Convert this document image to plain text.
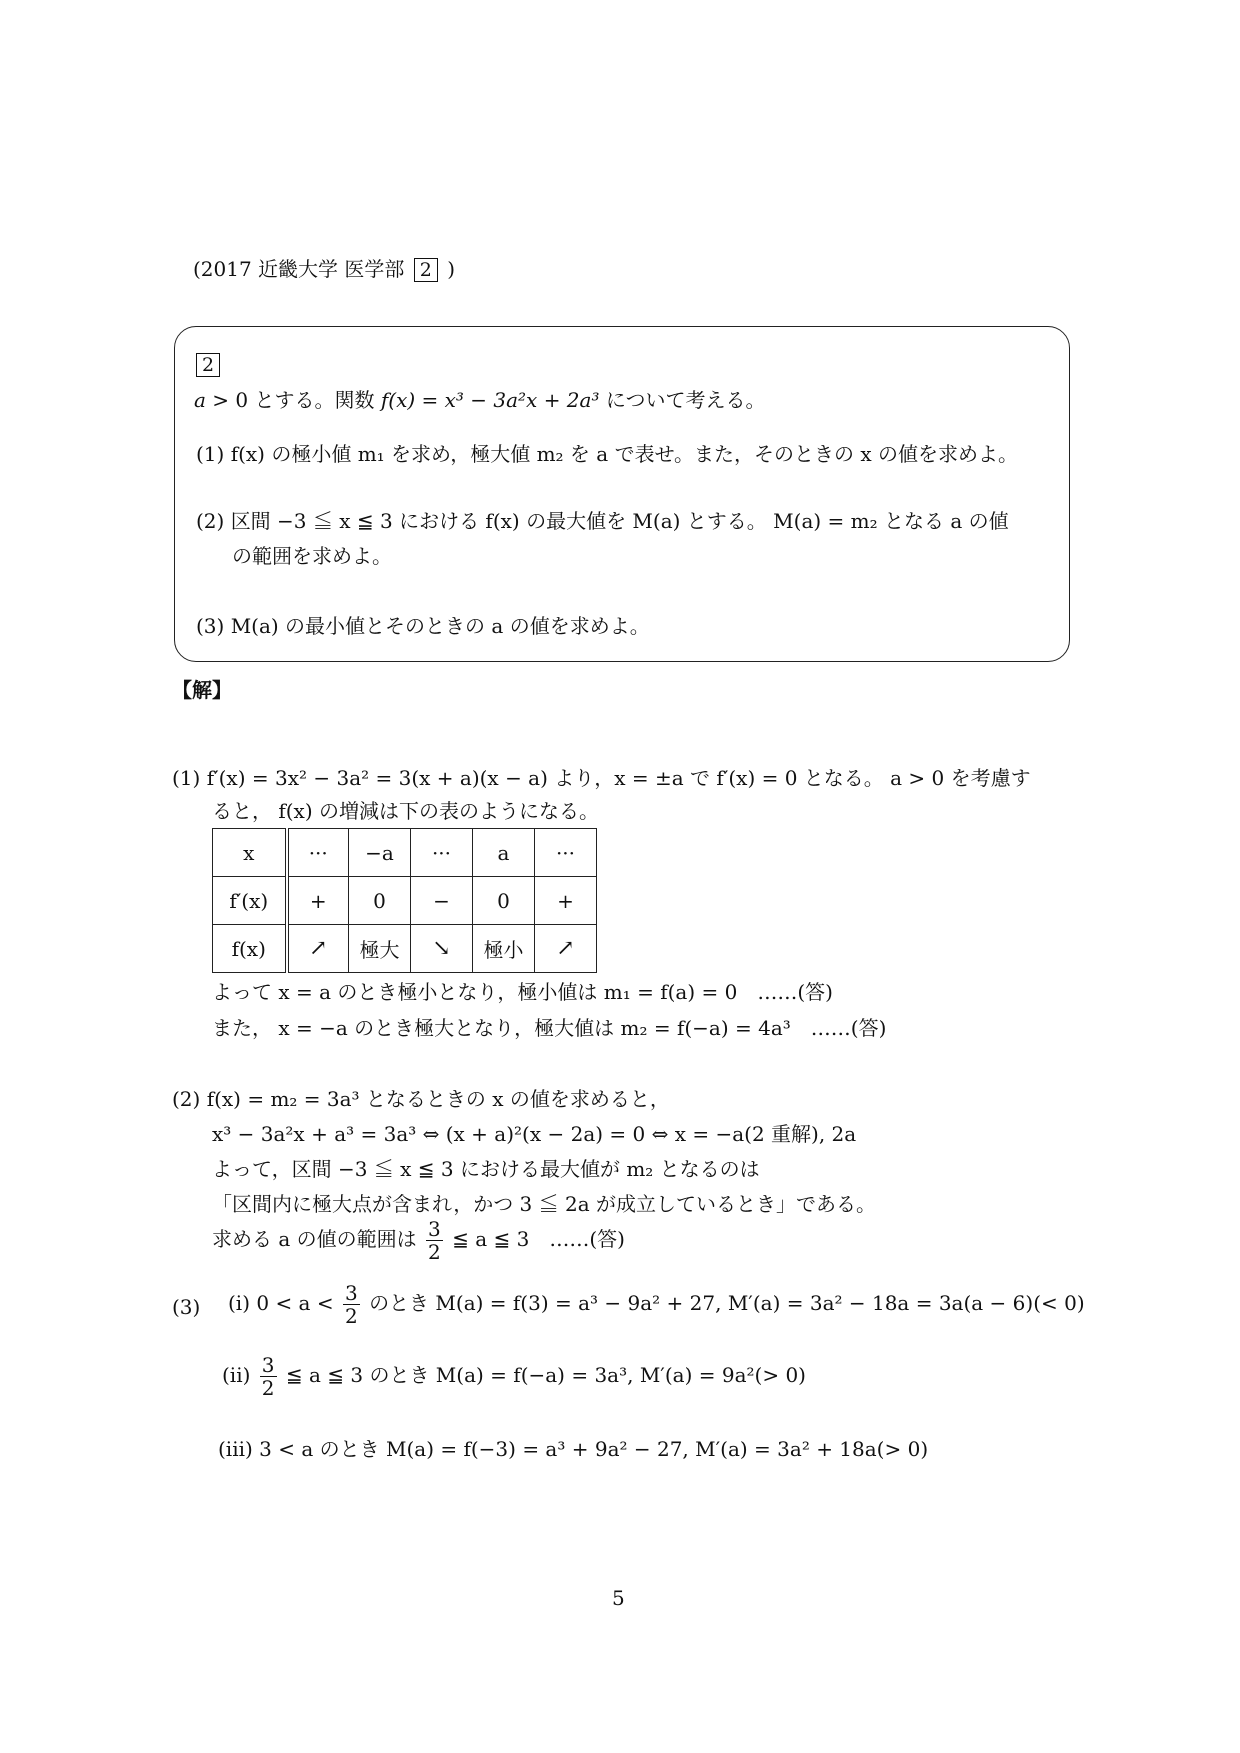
(2017 近畿大学 医学部 2 )
2
a > 0 とする。関数 f(x) = x³ − 3a²x + 2a³ について考える。
(1) f(x) の極小値 m₁ を求め，極大値 m₂ を a で表せ。また，そのときの x の値を求めよ。
(2) 区間 −3 ≦ x ≦ 3 における f(x) の最大値を M(a) とする。 M(a) = m₂ となる a の値
の範囲を求めよ。
(3) M(a) の最小値とそのときの a の値を求めよ。
【解】
(1) f′(x) = 3x² − 3a² = 3(x + a)(x − a) より，x = ±a で f′(x) = 0 となる。 a > 0 を考慮す
ると， f(x) の増減は下の表のようになる。
x	···	−a	···	a	···
f′(x)	+	0	−	0	+
f(x)	↗	極大	↘	極小	↗
よって x = a のとき極小となり，極小値は m₁ = f(a) = 0　……(答)
また， x = −a のとき極大となり，極大値は m₂ = f(−a) = 4a³　……(答)
(2) f(x) = m₂ = 3a³ となるときの x の値を求めると，
x³ − 3a²x + a³ = 3a³ ⇔ (x + a)²(x − 2a) = 0 ⇔ x = −a(2 重解), 2a
よって，区間 −3 ≦ x ≦ 3 における最大値が m₂ となるのは
「区間内に極大点が含まれ，かつ 3 ≦ 2a が成立しているとき」である。
求める a の値の範囲は $\frac{3}{2}$ ≦ a ≦ 3　……(答)
(3) (i) $0 < a < \frac{3}{2}$ のとき M(a) = f(3) = a³ − 9a² + 27, M′(a) = 3a² − 18a = 3a(a − 6)(< 0)
$(ii) \frac{3}{2}$ ≦ a ≦ 3 のとき M(a) = f(−a) = 3a³, M′(a) = 9a²(> 0)
(iii) 3 < a のとき M(a) = f(−3) = a³ + 9a² − 27, M′(a) = 3a² + 18a(> 0)
5
